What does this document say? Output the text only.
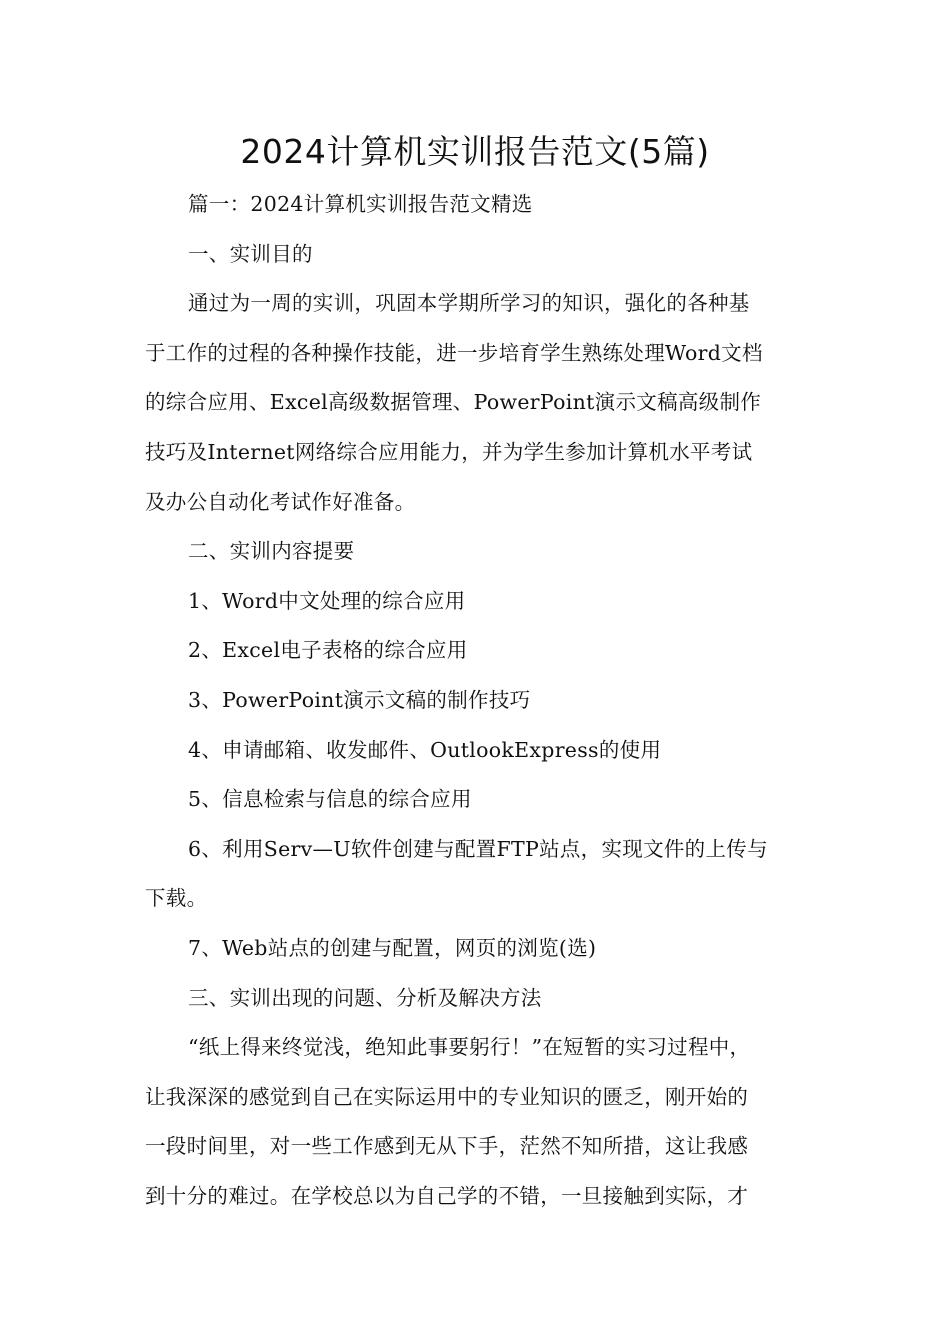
2024计算机实训报告范文(5篇)
篇一：2024计算机实训报告范文精选
一、实训目的
通过为一周的实训，巩固本学期所学习的知识，强化的各种基
于工作的过程的各种操作技能，进一步培育学生熟练处理Word文档
的综合应用、Excel高级数据管理、PowerPoint演示文稿高级制作
技巧及Internet网络综合应用能力，并为学生参加计算机水平考试
及办公自动化考试作好准备。
二、实训内容提要
1、Word中文处理的综合应用
2、Excel电子表格的综合应用
3、PowerPoint演示文稿的制作技巧
4、申请邮箱、收发邮件、OutlookExpress的使用
5、信息检索与信息的综合应用
6、利用Serv—U软件创建与配置FTP站点，实现文件的上传与
下载。
7、Web站点的创建与配置，网页的浏览(选)
三、实训出现的问题、分析及解决方法
“纸上得来终觉浅，绝知此事要躬行！”在短暂的实习过程中，
让我深深的感觉到自己在实际运用中的专业知识的匮乏，刚开始的
一段时间里，对一些工作感到无从下手，茫然不知所措，这让我感
到十分的难过。在学校总以为自己学的不错，一旦接触到实际，才
